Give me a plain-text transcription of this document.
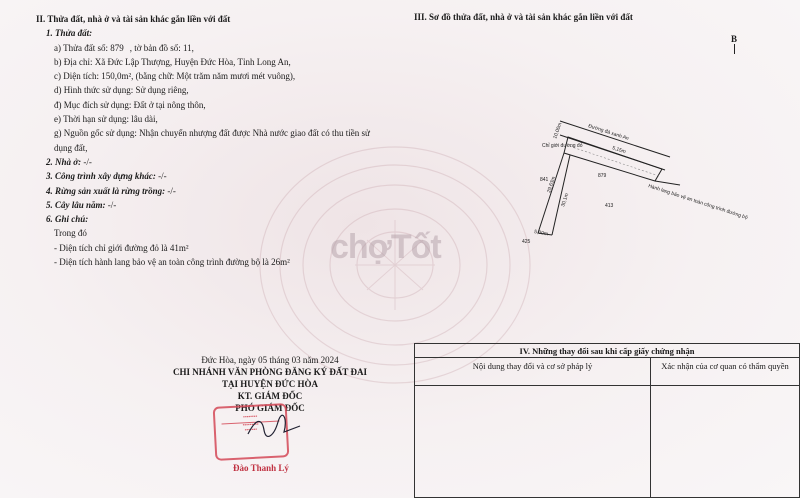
chợTốt
II. Thửa đất, nhà ở và tài sản khác gắn liền với đất
1. Thửa đất:
a) Thửa đất số: 879 , tờ bản đồ số: 11,
b) Địa chỉ: Xã Đức Lập Thượng, Huyện Đức Hòa, Tỉnh Long An,
c) Diện tích: 150,0m², (bằng chữ: Một trăm năm mươi mét vuông),
d) Hình thức sử dụng: Sử dụng riêng,
đ) Mục đích sử dụng: Đất ở tại nông thôn,
e) Thời hạn sử dụng: lâu dài,
g) Nguồn gốc sử dụng: Nhận chuyển nhượng đất được Nhà nước giao đất có thu tiền sử
dụng đất,
2. Nhà ở: -/-
3. Công trình xây dựng khác: -/-
4. Rừng sản xuất là rừng trồng: -/-
5. Cây lâu năm: -/-
6. Ghi chú:
Trong đó
- Diện tích chỉ giới đường đỏ là 41m²
- Diện tích hành lang bảo vệ an toàn công trình đường bộ là 26m²
III. Sơ đồ thửa đất, nhà ở và tài sản khác gắn liền với đất
B
Đường đá xanh An
Chỉ giới đường đỏ
Hành lang bảo vệ an toàn công trình đường bộ
879
841
413
425
10,00m
5,15m
29,63m
30,1m
5,00m
Đức Hòa, ngày 05 tháng 03 năm 2024
CHI NHÁNH VĂN PHÒNG ĐĂNG KÝ ĐẤT ĐAI
TẠI HUYỆN ĐỨC HÒA
KT. GIÁM ĐỐC
PHÓ GIÁM ĐỐC
▪▪▪▪▪▪▪▪
▪▪▪▪▪▪▪▪▪
▪▪▪▪▪▪▪
Đào Thanh Lý
IV. Những thay đổi sau khi cấp giấy chứng nhận	
Nội dung thay đổi và cơ sở pháp lý	Xác nhận của cơ quan có thẩm quyền
